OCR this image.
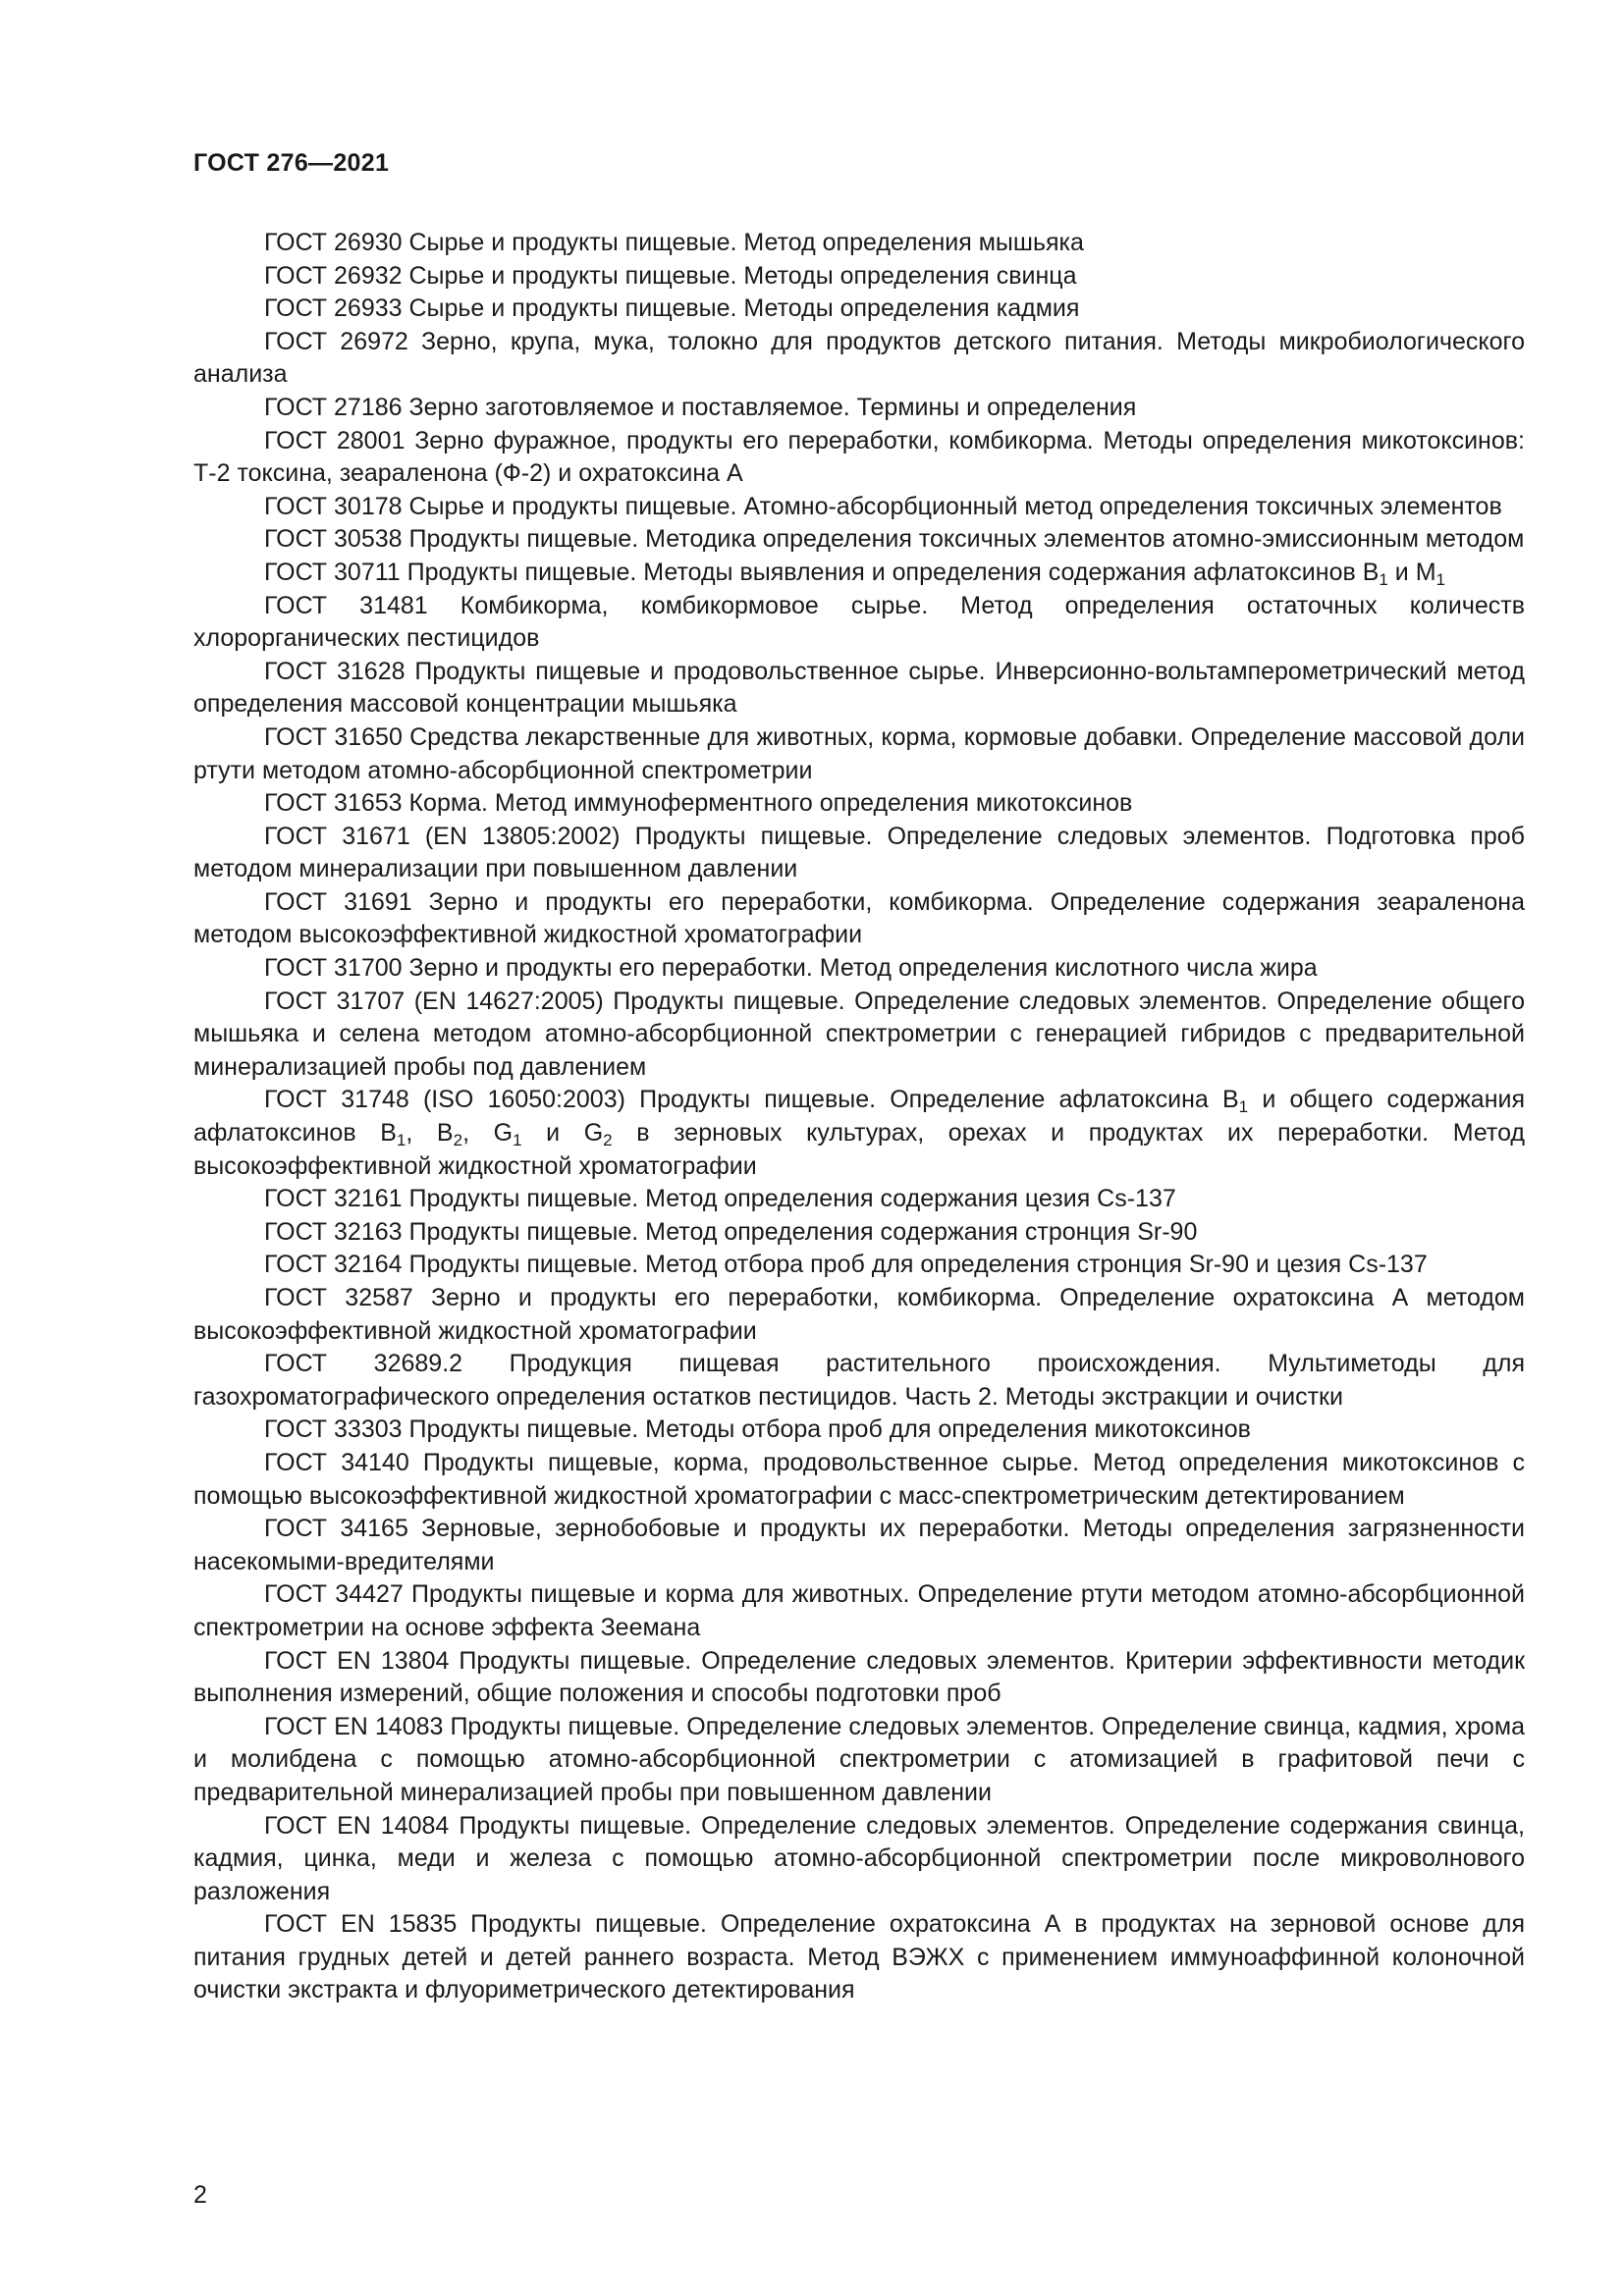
ГОСТ 276—2021

ГОСТ 26930 Сырье и продукты пищевые. Метод определения мышьяка

ГОСТ 26932 Сырье и продукты пищевые. Методы определения свинца

ГОСТ 26933 Сырье и продукты пищевые. Методы определения кадмия

ГОСТ 26972 Зерно, крупа, мука, толокно для продуктов детского питания. Методы микробиологического анализа

ГОСТ 27186 Зерно заготовляемое и поставляемое. Термины и определения

ГОСТ 28001 Зерно фуражное, продукты его переработки, комбикорма. Методы определения микотоксинов: Т-2 токсина, зеараленона (Ф-2) и охратоксина А

ГОСТ 30178 Сырье и продукты пищевые. Атомно-абсорбционный метод определения токсичных элементов

ГОСТ 30538 Продукты пищевые. Методика определения токсичных элементов атомно-эмиссионным методом

ГОСТ 30711 Продукты пищевые. Методы выявления и определения содержания афлатоксинов $В_1$ и $М_1$

ГОСТ 31481 Комбикорма, комбикормовое сырье. Метод определения остаточных количеств хлорорганических пестицидов

ГОСТ 31628 Продукты пищевые и продовольственное сырье. Инверсионно-вольтамперометрический метод определения массовой концентрации мышьяка

ГОСТ 31650 Средства лекарственные для животных, корма, кормовые добавки. Определение массовой доли ртути методом атомно-абсорбционной спектрометрии

ГОСТ 31653 Корма. Метод иммуноферментного определения микотоксинов

ГОСТ 31671 (EN 13805:2002) Продукты пищевые. Определение следовых элементов. Подготовка проб методом минерализации при повышенном давлении

ГОСТ 31691 Зерно и продукты его переработки, комбикорма. Определение содержания зеараленона методом высокоэффективной жидкостной хроматографии

ГОСТ 31700 Зерно и продукты его переработки. Метод определения кислотного числа жира

ГОСТ 31707 (EN 14627:2005) Продукты пищевые. Определение следовых элементов. Определение общего мышьяка и селена методом атомно-абсорбционной спектрометрии с генерацией гибридов с предварительной минерализацией пробы под давлением

ГОСТ 31748 (ISO 16050:2003) Продукты пищевые. Определение афлатоксина $В_1$ и общего содержания афлатоксинов $В_1$, $В_2$, $G_1$ и $G_2$ в зерновых культурах, орехах и продуктах их переработки. Метод высокоэффективной жидкостной хроматографии

ГОСТ 32161 Продукты пищевые. Метод определения содержания цезия Cs-137

ГОСТ 32163 Продукты пищевые. Метод определения содержания стронция Sr-90

ГОСТ 32164 Продукты пищевые. Метод отбора проб для определения стронция Sr-90 и цезия Cs-137

ГОСТ 32587 Зерно и продукты его переработки, комбикорма. Определение охратоксина А методом высокоэффективной жидкостной хроматографии

ГОСТ 32689.2 Продукция пищевая растительного происхождения. Мультиметоды для газохроматографического определения остатков пестицидов. Часть 2. Методы экстракции и очистки

ГОСТ 33303 Продукты пищевые. Методы отбора проб для определения микотоксинов

ГОСТ 34140 Продукты пищевые, корма, продовольственное сырье. Метод определения микотоксинов с помощью высокоэффективной жидкостной хроматографии с масс-спектрометрическим детектированием

ГОСТ 34165 Зерновые, зернобобовые и продукты их переработки. Методы определения загрязненности насекомыми-вредителями

ГОСТ 34427 Продукты пищевые и корма для животных. Определение ртути методом атомно-абсорбционной спектрометрии на основе эффекта Зеемана

ГОСТ EN 13804 Продукты пищевые. Определение следовых элементов. Критерии эффективности методик выполнения измерений, общие положения и способы подготовки проб

ГОСТ EN 14083 Продукты пищевые. Определение следовых элементов. Определение свинца, кадмия, хрома и молибдена с помощью атомно-абсорбционной спектрометрии с атомизацией в графитовой печи с предварительной минерализацией пробы при повышенном давлении

ГОСТ EN 14084 Продукты пищевые. Определение следовых элементов. Определение содержания свинца, кадмия, цинка, меди и железа с помощью атомно-абсорбционной спектрометрии после микроволнового разложения

ГОСТ EN 15835 Продукты пищевые. Определение охратоксина А в продуктах на зерновой основе для питания грудных детей и детей раннего возраста. Метод ВЭЖХ с применением иммуноаффинной колоночной очистки экстракта и флуориметрического детектирования

2
